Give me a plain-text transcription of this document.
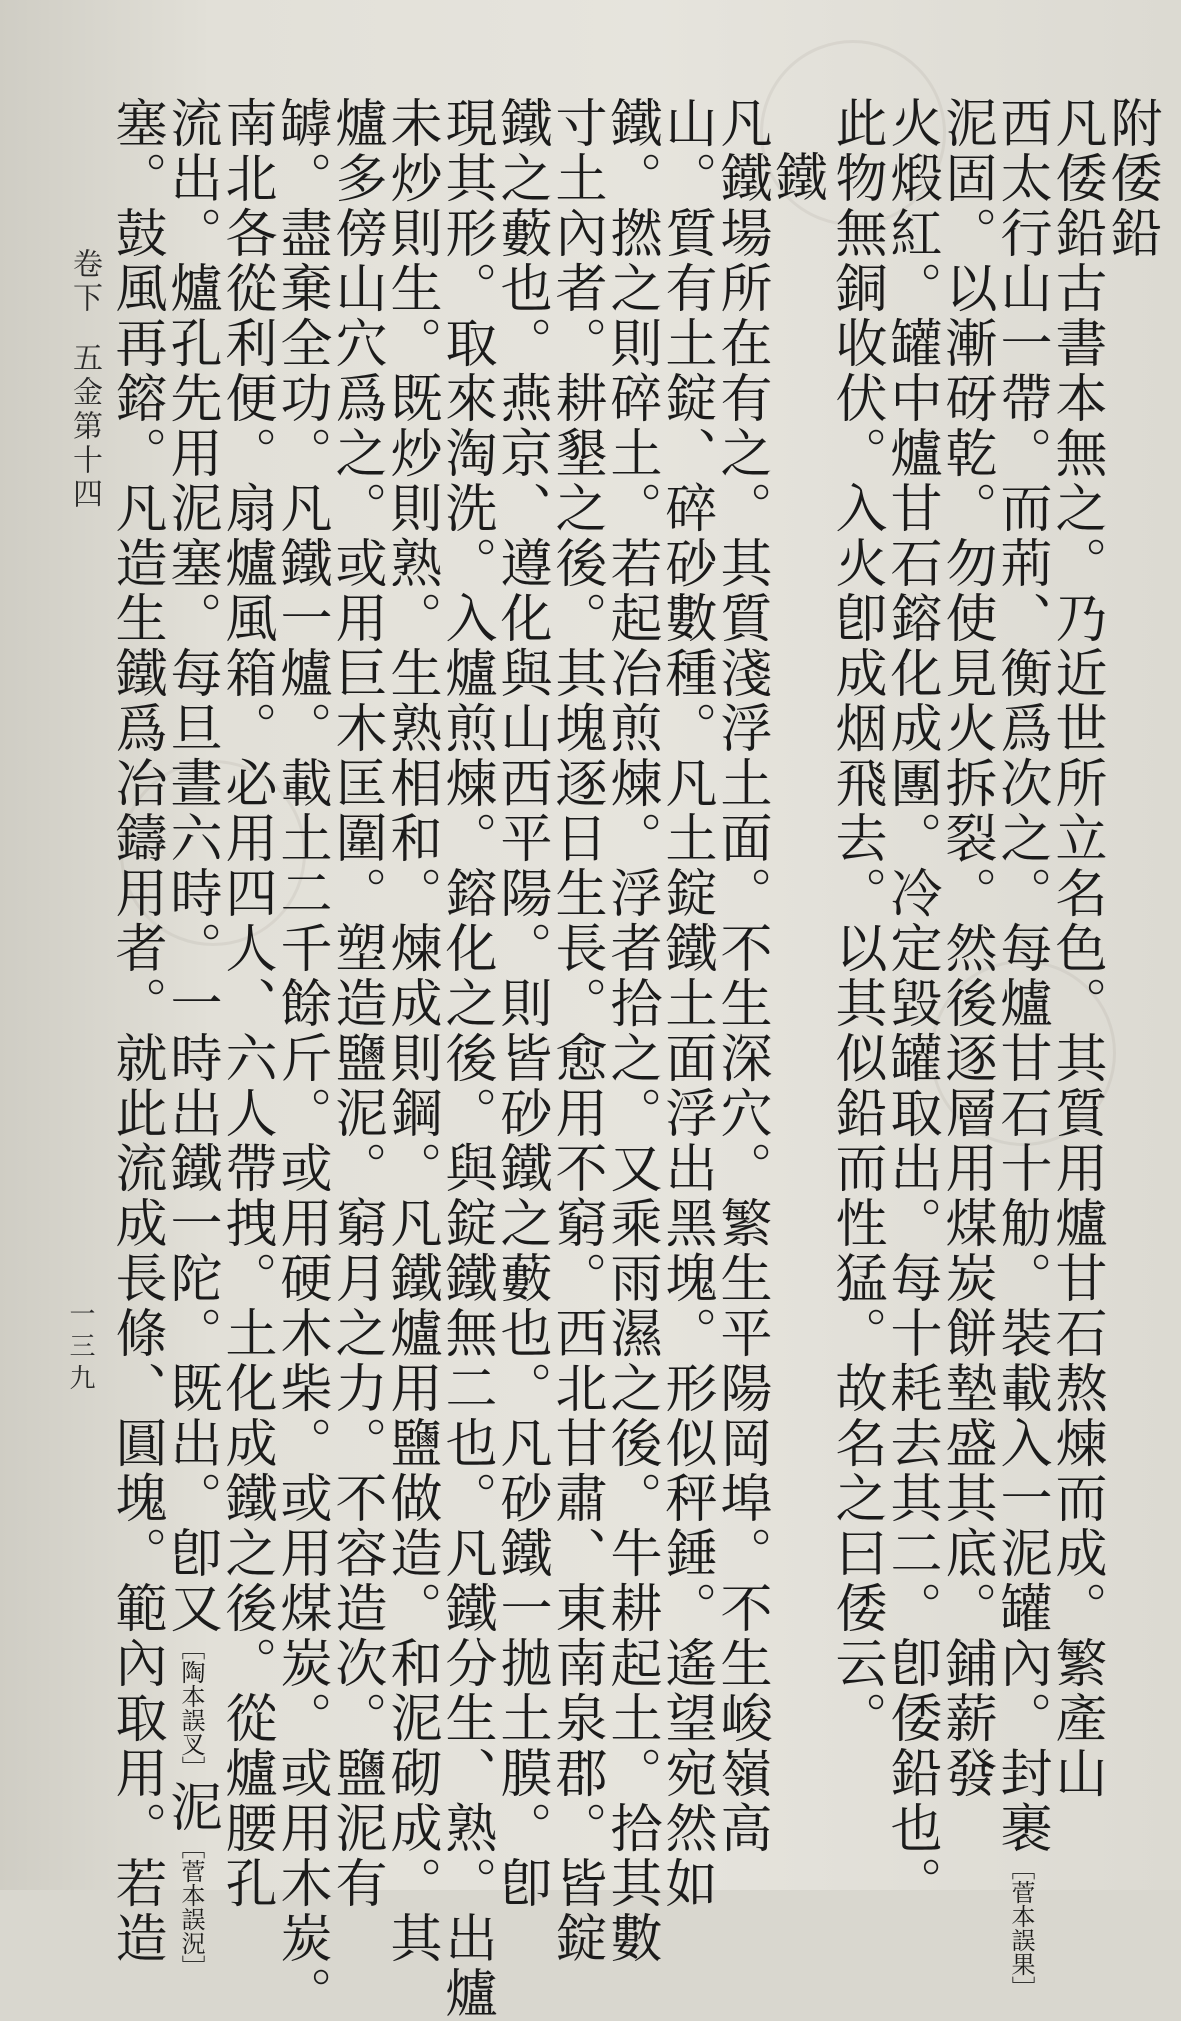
附倭鉛
凡倭鉛古書本無之。乃近世所立名色。其質用爐甘石熬煉而成。繁產山
西太行山一帶。而荊、衡爲次之。每爐甘石十觔。裝載入一泥罐內。封裹［菅本誤果］
泥固。以漸砑乾。勿使見火拆裂。然後逐層用煤炭餅墊盛其底。鋪薪發
火煅紅。罐中爐甘石鎔化成團。冷定毀罐取出。每十耗去其二。卽倭鉛也。
此物無銅收伏。入火卽成烟飛去。以其似鉛而性猛。故名之曰倭云。
鐵
凡鐵場所在有之。其質淺浮土面。不生深穴。繁生平陽岡埠。不生峻嶺高
山。質有土錠、碎砂數種。凡土錠鐵土面浮出黑塊。形似秤錘。遙望宛然如
鐵。撚之則碎土。若起冶煎煉。浮者拾之。又乘雨濕之後。牛耕起土。拾其數
寸土內者。耕墾之後。其塊逐日生長。愈用不窮。西北甘肅、東南泉郡。皆錠
鐵之藪也。燕京、遵化與山西平陽。則皆砂鐵之藪也。凡砂鐵一拋土膜。卽
現其形。取來淘洗。入爐煎煉。鎔化之後。與錠鐵無二也。凡鐵分生、熟。出爐
未炒則生。既炒則熟。生熟相和。煉成則鋼。凡鐵爐用鹽做造。和泥砌成。其
爐多傍山穴爲之。或用巨木匡圍。塑造鹽泥。窮月之力。不容造次。鹽泥有
罅。盡棄全功。凡鐵一爐。載土二千餘斤。或用硬木柴。或用煤炭。或用木炭。
南北各從利便。扇爐風箱。必用四人、六人帶拽。土化成鐵之後。從爐腰孔
流出。爐孔先用泥塞。每旦晝六時。一時出鐵一陀。既出。卽又［陶本誤叉］泥［菅本誤況］
塞。鼓風再鎔。凡造生鐵爲冶鑄用者。就此流成長條、圓塊。範內取用。若造
卷下五金第十四
一三九
